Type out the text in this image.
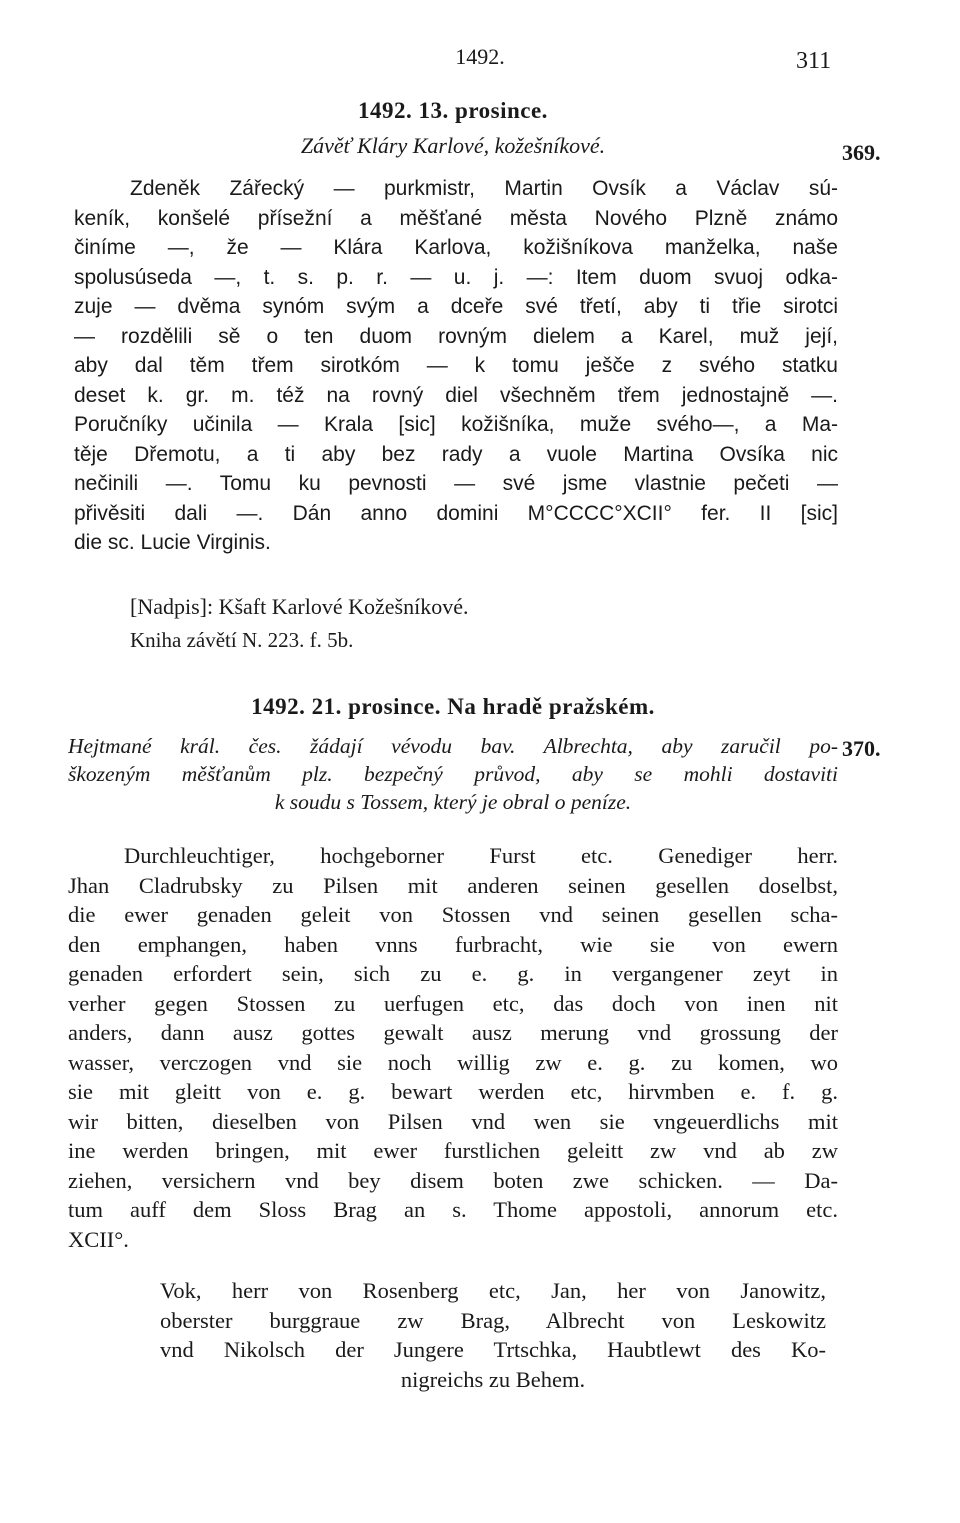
1492.	311
1492. 13. prosince.
Závěť Kláry Karlové, kožešníkové.	369.
Zdeněk Zářecký — purkmistr, Martin Ovsík a Václav sú-
keník, konšelé přísežní a měšťané města Nového Plzně známo
činíme —, že — Klára Karlova, kožišníkova manželka, naše
spolusúseda —, t. s. p. r. — u. j. —: Item duom svuoj odka-
zuje — dvěma synóm svým a dceře své třetí, aby ti třie sirotci
— rozdělili sě o ten duom rovným dielem a Karel, muž její,
aby dal těm třem sirotkóm — k tomu ješče z svého statku
deset k. gr. m. též na rovný diel všechněm třem jednostajně —.
Poručníky učinila — Krala [sic] kožišníka, muže svého—, a Ma-
těje Dřemotu, a ti aby bez rady a vuole Martina Ovsíka nic
nečinili —. Tomu ku pevnosti — své jsme vlastnie pečeti —
přivěsiti dali —. Dán anno domini M°CCCC°XCII° fer. II [sic]
die sc. Lucie Virginis.
[Nadpis]: Kšaft Karlové Kožešníkové.
Kniha závětí N. 223. f. 5b.
1492. 21. prosince. Na hradě pražském.
370.
Hejtmané král. čes. žádají vévodu bav. Albrechta, aby zaručil po-
škozeným měšťanům plz. bezpečný průvod, aby se mohli dostaviti
k soudu s Tossem, který je obral o peníze.
Durchleuchtiger, hochgeborner Furst etc. Genediger herr.
Jhan Cladrubsky zu Pilsen mit anderen seinen gesellen doselbst,
die ewer genaden geleit von Stossen vnd seinen gesellen scha-
den emphangen, haben vnns furbracht, wie sie von ewern
genaden erfordert sein, sich zu e. g. in vergangener zeyt in
verher gegen Stossen zu uerfugen etc, das doch von inen nit
anders, dann ausz gottes gewalt ausz merung vnd grossung der
wasser, verczogen vnd sie noch willig zw e. g. zu komen, wo
sie mit gleitt von e. g. bewart werden etc, hirvmben e. f. g.
wir bitten, dieselben von Pilsen vnd wen sie vngeuerdlichs mit
ine werden bringen, mit ewer furstlichen geleitt zw vnd ab zw
ziehen, versichern vnd bey disem boten zwe schicken. — Da-
tum auff dem Sloss Brag an s. Thome appostoli, annorum etc.
XCII°.
Vok, herr von Rosenberg etc, Jan, her von Janowitz,
oberster burggraue zw Brag, Albrecht von Leskowitz
vnd Nikolsch der Jungere Trtschka, Haubtlewt des Ko-
nigreichs zu Behem.
